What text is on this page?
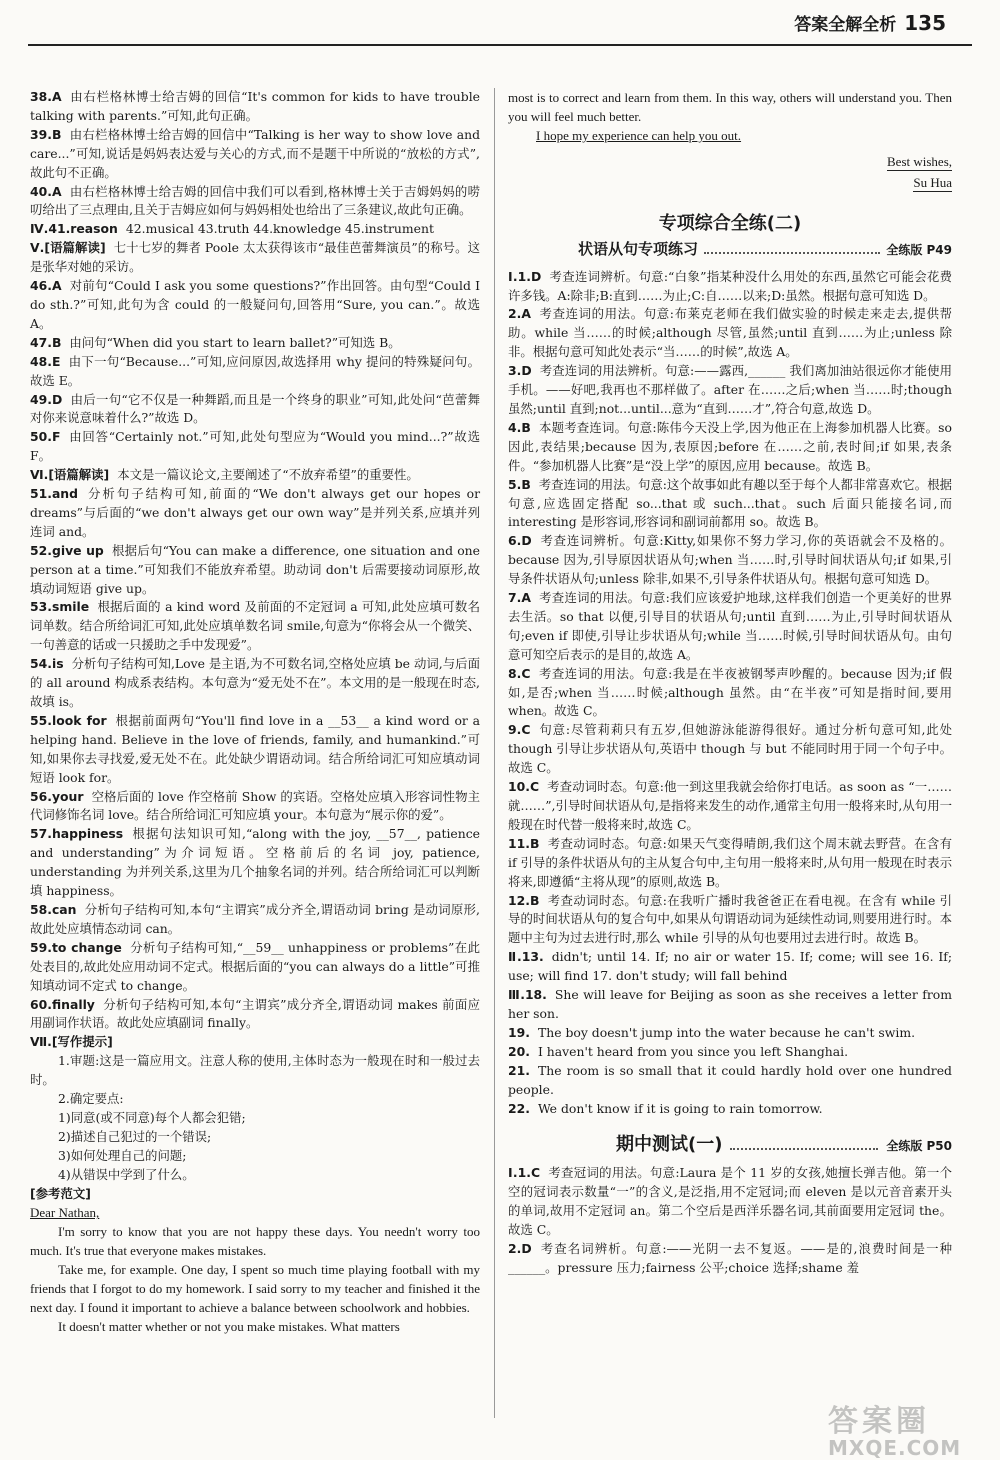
答案全解全析 135

38.A 由右栏格林博士给吉姆的回信“It's common for kids to have trouble talking with parents.”可知,此句正确。

39.B 由右栏格林博士给吉姆的回信中“Talking is her way to show love and care...”可知,说话是妈妈表达爱与关心的方式,而不是题干中所说的“放松的方式”,故此句不正确。

40.A 由右栏格林博士给吉姆的回信中我们可以看到,格林博士关于吉姆妈妈的唠叨给出了三点理由,且关于吉姆应如何与妈妈相处也给出了三条建议,故此句正确。

Ⅳ.41.reason 42.musical 43.truth 44.knowledge 45.instrument

Ⅴ.[语篇解读] 七十七岁的舞者 Poole 太太获得该市“最佳芭蕾舞演员”的称号。这是张华对她的采访。

46.A 对前句“Could I ask you some questions?”作出回答。由句型“Could I do sth.?”可知,此句为含 could 的一般疑问句,回答用“Sure, you can.”。故选 A。

47.B 由问句“When did you start to learn ballet?”可知选 B。

48.E 由下一句“Because...”可知,应问原因,故选择用 why 提问的特殊疑问句。故选 E。

49.D 由后一句“它不仅是一种舞蹈,而且是一个终身的职业”可知,此处问“芭蕾舞对你来说意味着什么?”故选 D。

50.F 由回答“Certainly not.”可知,此处句型应为“Would you mind...?”故选 F。

Ⅵ.[语篇解读] 本文是一篇议论文,主要阐述了“不放弃希望”的重要性。

51.and 分析句子结构可知,前面的“We don't always get our hopes or dreams”与后面的“we don't always get our own way”是并列关系,应填并列连词 and。

52.give up 根据后句“You can make a difference, one situation and one person at a time.”可知我们不能放弃希望。助动词 don't 后需要接动词原形,故填动词短语 give up。

53.smile 根据后面的 a kind word 及前面的不定冠词 a 可知,此处应填可数名词单数。结合所给词汇可知,此处应填单数名词 smile,句意为“你将会从一个微笑、一句善意的话或一只援助之手中发现爱”。

54.is 分析句子结构可知,Love 是主语,为不可数名词,空格处应填 be 动词,与后面的 all around 构成系表结构。本句意为“爱无处不在”。本文用的是一般现在时态,故填 is。

55.look for 根据前面两句“You'll find love in a __53__ a kind word or a helping hand. Believe in the love of friends, family, and humankind.”可知,如果你去寻找爱,爱无处不在。此处缺少谓语动词。结合所给词汇可知应填动词短语 look for。

56.your 空格后面的 love 作空格前 Show 的宾语。空格处应填入形容词性物主代词修饰名词 love。结合所给词汇可知应填 your。本句意为“展示你的爱”。

57.happiness 根据句法知识可知,“along with the joy, __57__, patience and understanding”为介词短语。空格前后的名词 joy, patience, understanding 为并列关系,这里为几个抽象名词的并列。结合所给词汇可以判断填 happiness。

58.can 分析句子结构可知,本句“主谓宾”成分齐全,谓语动词 bring 是动词原形,故此处应填情态动词 can。

59.to change 分析句子结构可知,“__59__ unhappiness or problems”在此处表目的,故此处应用动词不定式。根据后面的“you can always do a little”可推知填动词不定式 to change。

60.finally 分析句子结构可知,本句“主谓宾”成分齐全,谓语动词 makes 前面应用副词作状语。故此处应填副词 finally。

Ⅶ.[写作提示]

1.审题:这是一篇应用文。注意人称的使用,主体时态为一般现在时和一般过去时。

2.确定要点:

1)同意(或不同意)每个人都会犯错;

2)描述自己犯过的一个错误;

3)如何处理自己的问题;

4)从错误中学到了什么。

[参考范文]

Dear Nathan,

I'm sorry to know that you are not happy these days. You needn't worry too much. It's true that everyone makes mistakes.

Take me, for example. One day, I spent so much time playing football with my friends that I forgot to do my homework. I said sorry to my teacher and finished it the next day. I found it important to achieve a balance between schoolwork and hobbies.

It doesn't matter whether or not you make mistakes. What matters

most is to correct and learn from them. In this way, others will understand you. Then you will feel much better.

I hope my experience can help you out.

Best wishes,

Su Hua

专项综合全练(二)
状语从句专项练习	全练版 P49

Ⅰ.1.D 考查连词辨析。句意:“白象”指某种没什么用处的东西,虽然它可能会花费许多钱。A:除非;B:直到……为止;C:自……以来;D:虽然。根据句意可知选 D。

2.A 考查连词的用法。句意:布莱克老师在我们做实验的时候走来走去,提供帮助。while 当……的时候;although 尽管,虽然;until 直到……为止;unless 除非。根据句意可知此处表示“当……的时候”,故选 A。

3.D 考查连词的用法辨析。句意:——露西,______ 我们离加油站很远你才能使用手机。——好吧,我再也不那样做了。after 在……之后;when 当……时;though 虽然;until 直到;not...until...意为“直到……才”,符合句意,故选 D。

4.B 本题考查连词。句意:陈伟今天没上学,因为他正在上海参加机器人比赛。so 因此,表结果;because 因为,表原因;before 在……之前,表时间;if 如果,表条件。“参加机器人比赛”是“没上学”的原因,应用 because。故选 B。

5.B 考查连词的用法。句意:这个故事如此有趣以至于每个人都非常喜欢它。根据句意,应选固定搭配 so...that 或 such...that。such 后面只能接名词,而 interesting 是形容词,形容词和副词前都用 so。故选 B。

6.D 考查连词辨析。句意:Kitty,如果你不努力学习,你的英语就会不及格的。because 因为,引导原因状语从句;when 当……时,引导时间状语从句;if 如果,引导条件状语从句;unless 除非,如果不,引导条件状语从句。根据句意可知选 D。

7.A 考查连词的用法。句意:我们应该爱护地球,这样我们创造一个更美好的世界去生活。so that 以便,引导目的状语从句;until 直到……为止,引导时间状语从句;even if 即使,引导让步状语从句;while 当……时候,引导时间状语从句。由句意可知空后表示的是目的,故选 A。

8.C 考查连词的用法。句意:我是在半夜被钢琴声吵醒的。because 因为;if 假如,是否;when 当……时候;although 虽然。由“在半夜”可知是指时间,要用 when。故选 C。

9.C 句意:尽管莉莉只有五岁,但她游泳能游得很好。通过分析句意可知,此处 though 引导让步状语从句,英语中 though 与 but 不能同时用于同一个句子中。故选 C。

10.C 考查动词时态。句意:他一到这里我就会给你打电话。as soon as “一……就……”,引导时间状语从句,是指将来发生的动作,通常主句用一般将来时,从句用一般现在时代替一般将来时,故选 C。

11.B 考查动词时态。句意:如果天气变得晴朗,我们这个周末就去野营。在含有 if 引导的条件状语从句的主从复合句中,主句用一般将来时,从句用一般现在时表示将来,即遵循“主将从现”的原则,故选 B。

12.B 考查动词时态。句意:在我听广播时我爸爸正在看电视。在含有 while 引导的时间状语从句的复合句中,如果从句谓语动词为延续性动词,则要用进行时。本题中主句为过去进行时,那么 while 引导的从句也要用过去进行时。故选 B。

Ⅱ.13. didn't; until 14. If; no air or water 15. If; come; will see 16. If; use; will find 17. don't study; will fall behind

Ⅲ.18. She will leave for Beijing as soon as she receives a letter from her son.

19. The boy doesn't jump into the water because he can't swim.

20. I haven't heard from you since you left Shanghai.

21. The room is so small that it could hardly hold over one hundred people.

22. We don't know if it is going to rain tomorrow.

期中测试(一)	全练版 P50

Ⅰ.1.C 考查冠词的用法。句意:Laura 是个 11 岁的女孩,她擅长弹吉他。第一个空的冠词表示数量“一”的含义,是泛指,用不定冠词;而 eleven 是以元音音素开头的单词,故用不定冠词 an。第二个空后是西洋乐器名词,其前面要用定冠词 the。故选 C。

2.D 考查名词辨析。句意:——光阴一去不复返。——是的,浪费时间是一种 ______。pressure 压力;fairness 公平;choice 选择;shame 羞

答案圈
MXQE.COM
